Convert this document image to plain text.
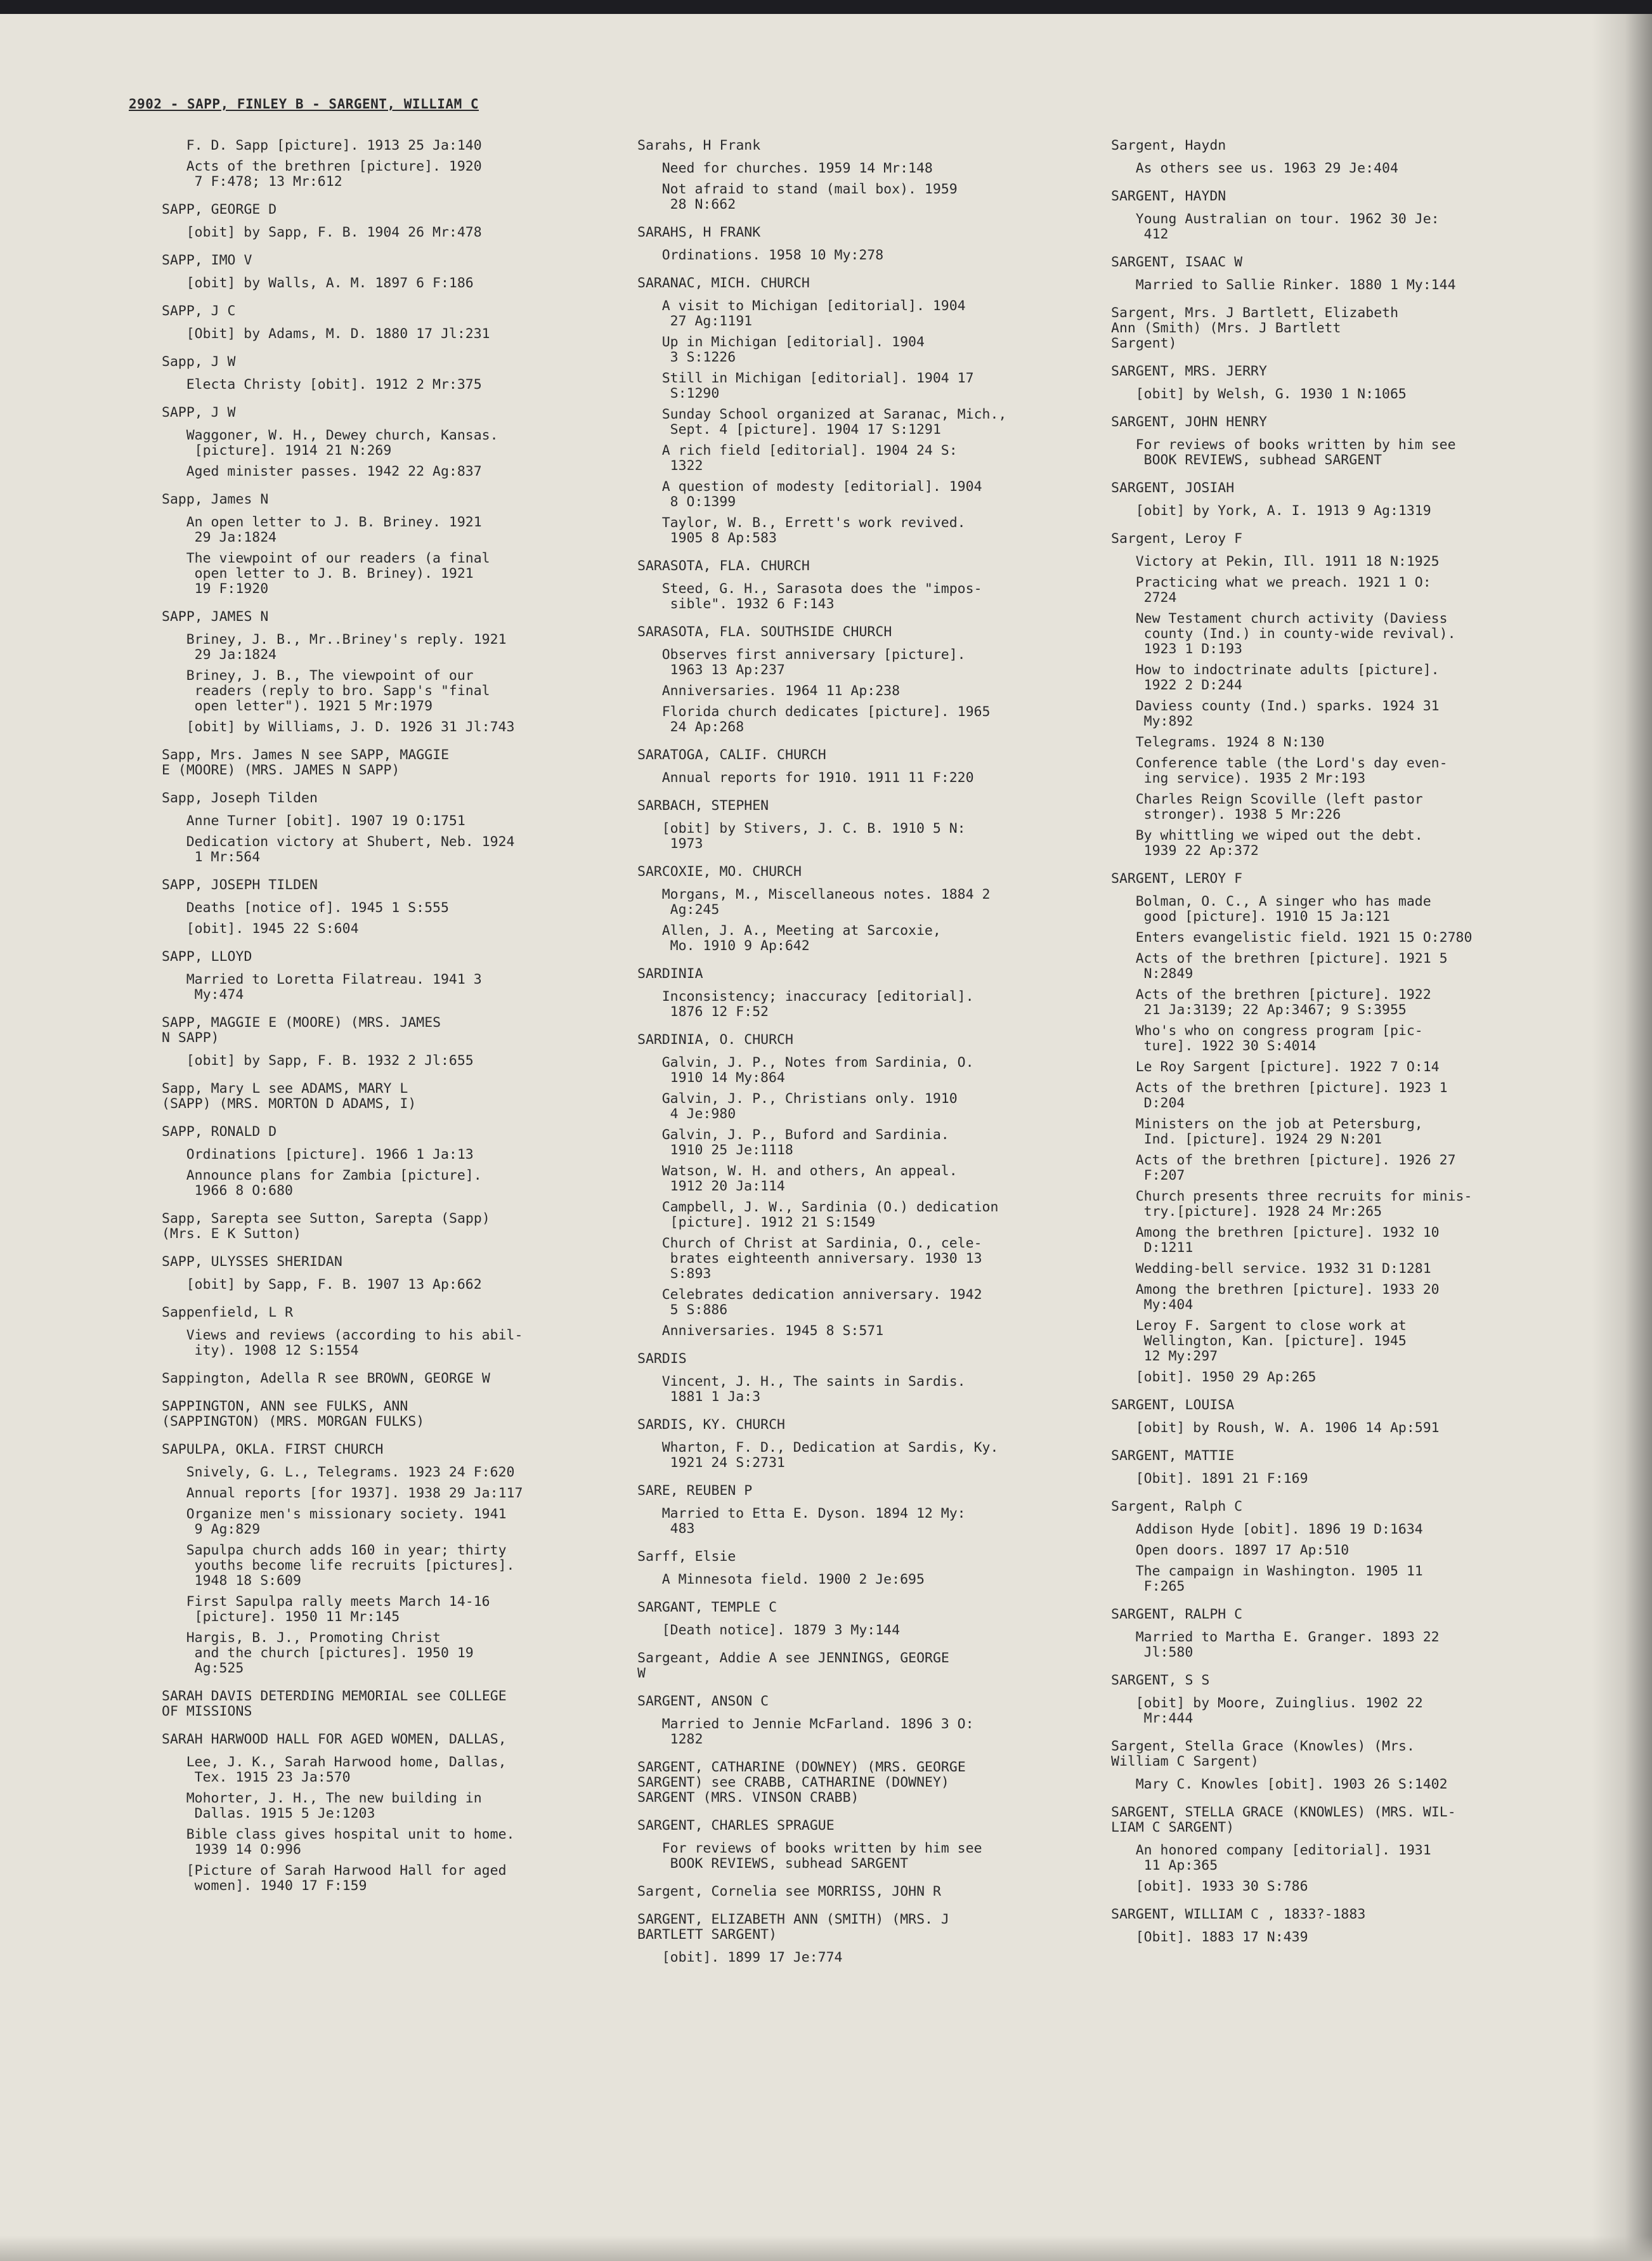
2902 - SAPP, FINLEY B - SARGENT, WILLIAM C
F. D. Sapp [picture]. 1913 25 Ja:140
Acts of the brethren [picture]. 1920
7 F:478; 13 Mr:612
SAPP, GEORGE D
[obit] by Sapp, F. B. 1904 26 Mr:478
SAPP, IMO V
[obit] by Walls, A. M. 1897 6 F:186
SAPP, J C
[Obit] by Adams, M. D. 1880 17 Jl:231
Sapp, J W
Electa Christy [obit]. 1912 2 Mr:375
SAPP, J W
Waggoner, W. H., Dewey church, Kansas.
[picture]. 1914 21 N:269
Aged minister passes. 1942 22 Ag:837
Sapp, James N
An open letter to J. B. Briney. 1921
29 Ja:1824
The viewpoint of our readers (a final
open letter to J. B. Briney). 1921
19 F:1920
SAPP, JAMES N
Briney, J. B., Mr..Briney's reply. 1921
29 Ja:1824
Briney, J. B., The viewpoint of our
readers (reply to bro. Sapp's "final
open letter"). 1921 5 Mr:1979
[obit] by Williams, J. D. 1926 31 Jl:743
Sapp, Mrs. James N see SAPP, MAGGIE
E (MOORE) (MRS. JAMES N SAPP)
Sapp, Joseph Tilden
Anne Turner [obit]. 1907 19 O:1751
Dedication victory at Shubert, Neb. 1924
1 Mr:564
SAPP, JOSEPH TILDEN
Deaths [notice of]. 1945 1 S:555
[obit]. 1945 22 S:604
SAPP, LLOYD
Married to Loretta Filatreau. 1941 3
My:474
SAPP, MAGGIE E (MOORE) (MRS. JAMES
N SAPP)
[obit] by Sapp, F. B. 1932 2 Jl:655
Sapp, Mary L see ADAMS, MARY L
(SAPP) (MRS. MORTON D ADAMS, I)
SAPP, RONALD D
Ordinations [picture]. 1966 1 Ja:13
Announce plans for Zambia [picture].
1966 8 O:680
Sapp, Sarepta see Sutton, Sarepta (Sapp)
(Mrs. E K Sutton)
SAPP, ULYSSES SHERIDAN
[obit] by Sapp, F. B. 1907 13 Ap:662
Sappenfield, L R
Views and reviews (according to his abil-
ity). 1908 12 S:1554
Sappington, Adella R see BROWN, GEORGE W
SAPPINGTON, ANN see FULKS, ANN
(SAPPINGTON) (MRS. MORGAN FULKS)
SAPULPA, OKLA. FIRST CHURCH
Snively, G. L., Telegrams. 1923 24 F:620
Annual reports [for 1937]. 1938 29 Ja:117
Organize men's missionary society. 1941
9 Ag:829
Sapulpa church adds 160 in year; thirty
youths become life recruits [pictures].
1948 18 S:609
First Sapulpa rally meets March 14-16
[picture]. 1950 11 Mr:145
Hargis, B. J., Promoting Christ
and the church [pictures]. 1950 19
Ag:525
SARAH DAVIS DETERDING MEMORIAL see COLLEGE
OF MISSIONS
SARAH HARWOOD HALL FOR AGED WOMEN, DALLAS,
Lee, J. K., Sarah Harwood home, Dallas,
Tex. 1915 23 Ja:570
Mohorter, J. H., The new building in
Dallas. 1915 5 Je:1203
Bible class gives hospital unit to home.
1939 14 O:996
[Picture of Sarah Harwood Hall for aged
women]. 1940 17 F:159
Sarahs, H Frank
Need for churches. 1959 14 Mr:148
Not afraid to stand (mail box). 1959
28 N:662
SARAHS, H FRANK
Ordinations. 1958 10 My:278
SARANAC, MICH. CHURCH
A visit to Michigan [editorial]. 1904
27 Ag:1191
Up in Michigan [editorial]. 1904
3 S:1226
Still in Michigan [editorial]. 1904 17
S:1290
Sunday School organized at Saranac, Mich.,
Sept. 4 [picture]. 1904 17 S:1291
A rich field [editorial]. 1904 24 S:
1322
A question of modesty [editorial]. 1904
8 O:1399
Taylor, W. B., Errett's work revived.
1905 8 Ap:583
SARASOTA, FLA. CHURCH
Steed, G. H., Sarasota does the "impos-
sible". 1932 6 F:143
SARASOTA, FLA. SOUTHSIDE CHURCH
Observes first anniversary [picture].
1963 13 Ap:237
Anniversaries. 1964 11 Ap:238
Florida church dedicates [picture]. 1965
24 Ap:268
SARATOGA, CALIF. CHURCH
Annual reports for 1910. 1911 11 F:220
SARBACH, STEPHEN
[obit] by Stivers, J. C. B. 1910 5 N:
1973
SARCOXIE, MO. CHURCH
Morgans, M., Miscellaneous notes. 1884 2
Ag:245
Allen, J. A., Meeting at Sarcoxie,
Mo. 1910 9 Ap:642
SARDINIA
Inconsistency; inaccuracy [editorial].
1876 12 F:52
SARDINIA, O. CHURCH
Galvin, J. P., Notes from Sardinia, O.
1910 14 My:864
Galvin, J. P., Christians only. 1910
4 Je:980
Galvin, J. P., Buford and Sardinia.
1910 25 Je:1118
Watson, W. H. and others, An appeal.
1912 20 Ja:114
Campbell, J. W., Sardinia (O.) dedication
[picture]. 1912 21 S:1549
Church of Christ at Sardinia, O., cele-
brates eighteenth anniversary. 1930 13
S:893
Celebrates dedication anniversary. 1942
5 S:886
Anniversaries. 1945 8 S:571
SARDIS
Vincent, J. H., The saints in Sardis.
1881 1 Ja:3
SARDIS, KY. CHURCH
Wharton, F. D., Dedication at Sardis, Ky.
1921 24 S:2731
SARE, REUBEN P
Married to Etta E. Dyson. 1894 12 My:
483
Sarff, Elsie
A Minnesota field. 1900 2 Je:695
SARGANT, TEMPLE C
[Death notice]. 1879 3 My:144
Sargeant, Addie A see JENNINGS, GEORGE
W
SARGENT, ANSON C
Married to Jennie McFarland. 1896 3 O:
1282
SARGENT, CATHARINE (DOWNEY) (MRS. GEORGE
SARGENT) see CRABB, CATHARINE (DOWNEY)
SARGENT (MRS. VINSON CRABB)
SARGENT, CHARLES SPRAGUE
For reviews of books written by him see
BOOK REVIEWS, subhead SARGENT
Sargent, Cornelia see MORRISS, JOHN R
SARGENT, ELIZABETH ANN (SMITH) (MRS. J
BARTLETT SARGENT)
[obit]. 1899 17 Je:774
Sargent, Haydn
As others see us. 1963 29 Je:404
SARGENT, HAYDN
Young Australian on tour. 1962 30 Je:
412
SARGENT, ISAAC W
Married to Sallie Rinker. 1880 1 My:144
Sargent, Mrs. J Bartlett, Elizabeth
Ann (Smith) (Mrs. J Bartlett
Sargent)
SARGENT, MRS. JERRY
[obit] by Welsh, G. 1930 1 N:1065
SARGENT, JOHN HENRY
For reviews of books written by him see
BOOK REVIEWS, subhead SARGENT
SARGENT, JOSIAH
[obit] by York, A. I. 1913 9 Ag:1319
Sargent, Leroy F
Victory at Pekin, Ill. 1911 18 N:1925
Practicing what we preach. 1921 1 O:
2724
New Testament church activity (Daviess
county (Ind.) in county-wide revival).
1923 1 D:193
How to indoctrinate adults [picture].
1922 2 D:244
Daviess county (Ind.) sparks. 1924 31
My:892
Telegrams. 1924 8 N:130
Conference table (the Lord's day even-
ing service). 1935 2 Mr:193
Charles Reign Scoville (left pastor
stronger). 1938 5 Mr:226
By whittling we wiped out the debt.
1939 22 Ap:372
SARGENT, LEROY F
Bolman, O. C., A singer who has made
good [picture]. 1910 15 Ja:121
Enters evangelistic field. 1921 15 O:2780
Acts of the brethren [picture]. 1921 5
N:2849
Acts of the brethren [picture]. 1922
21 Ja:3139; 22 Ap:3467; 9 S:3955
Who's who on congress program [pic-
ture]. 1922 30 S:4014
Le Roy Sargent [picture]. 1922 7 O:14
Acts of the brethren [picture]. 1923 1
D:204
Ministers on the job at Petersburg,
Ind. [picture]. 1924 29 N:201
Acts of the brethren [picture]. 1926 27
F:207
Church presents three recruits for minis-
try.[picture]. 1928 24 Mr:265
Among the brethren [picture]. 1932 10
D:1211
Wedding-bell service. 1932 31 D:1281
Among the brethren [picture]. 1933 20
My:404
Leroy F. Sargent to close work at
Wellington, Kan. [picture]. 1945
12 My:297
[obit]. 1950 29 Ap:265
SARGENT, LOUISA
[obit] by Roush, W. A. 1906 14 Ap:591
SARGENT, MATTIE
[Obit]. 1891 21 F:169
Sargent, Ralph C
Addison Hyde [obit]. 1896 19 D:1634
Open doors. 1897 17 Ap:510
The campaign in Washington. 1905 11
F:265
SARGENT, RALPH C
Married to Martha E. Granger. 1893 22
Jl:580
SARGENT, S S
[obit] by Moore, Zuinglius. 1902 22
Mr:444
Sargent, Stella Grace (Knowles) (Mrs.
William C Sargent)
Mary C. Knowles [obit]. 1903 26 S:1402
SARGENT, STELLA GRACE (KNOWLES) (MRS. WIL-
LIAM C SARGENT)
An honored company [editorial]. 1931
11 Ap:365
[obit]. 1933 30 S:786
SARGENT, WILLIAM C , 1833?-1883
[Obit]. 1883 17 N:439
